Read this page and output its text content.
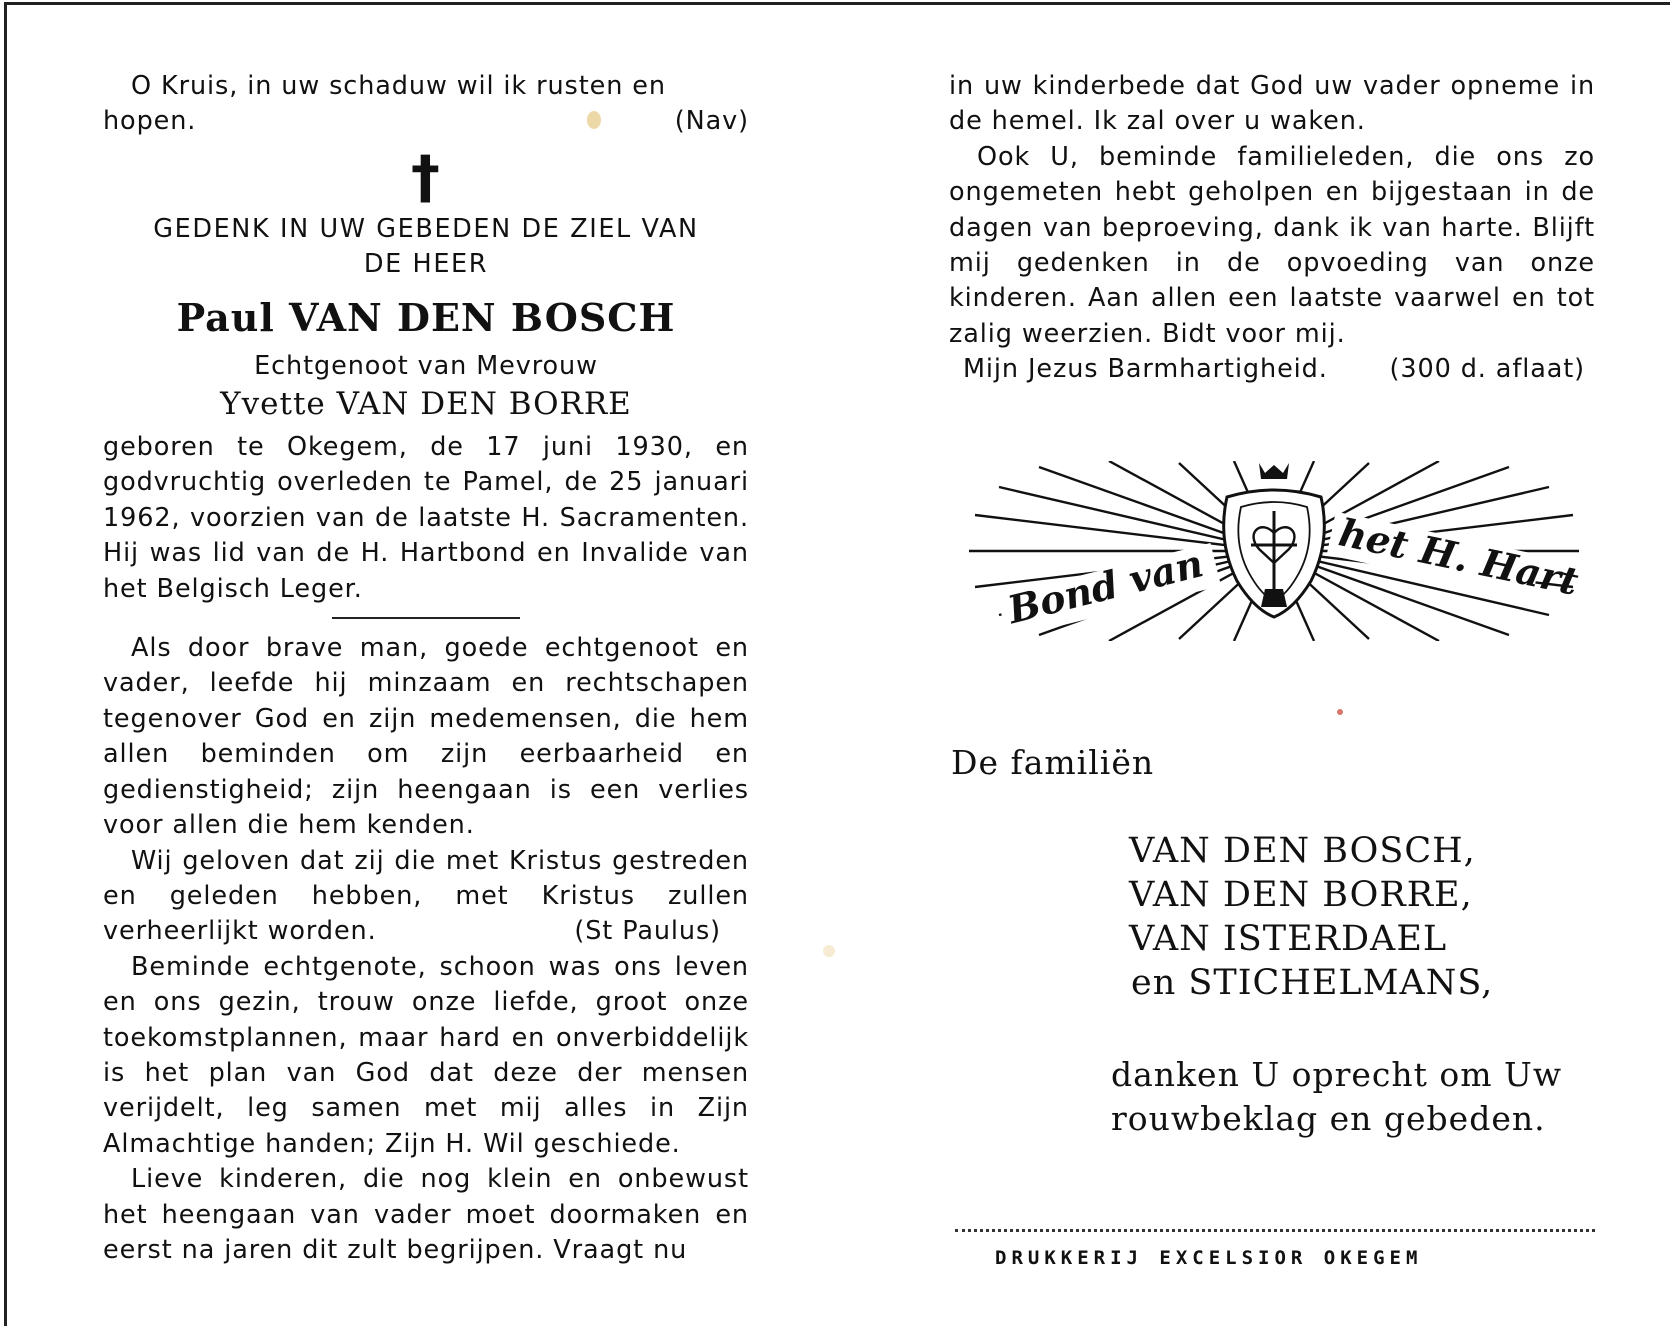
O Kruis, in uw schaduw wil ik rusten en

hopen.	(Nav)
†
GEDENK IN UW GEBEDEN DE ZIEL VAN
DE HEER
Paul VAN DEN BOSCH
Echtgenoot van Mevrouw
Yvette VAN DEN BORRE

geboren te Okegem, de 17 juni 1930, en godvruchtig overleden te Pamel, de 25 januari 1962, voorzien van de laatste H. Sacramenten. Hij was lid van de H. Hartbond en Invalide van het Belgisch Leger.

Als door brave man, goede echtgenoot en vader, leefde hij minzaam en rechtschapen tegenover God en zijn medemensen, die hem allen beminden om zijn eerbaarheid en gedienstigheid; zijn heengaan is een verlies voor allen die hem kenden.

Wij geloven dat zij die met Kristus gestreden en geleden hebben, met Kristus zullen verheerlijkt worden.	(St Paulus)

Beminde echtgenote, schoon was ons leven en ons gezin, trouw onze liefde, groot onze toekomstplannen, maar hard en onverbiddelijk is het plan van God dat deze der mensen verijdelt, leg samen met mij alles in Zijn Almachtige handen; Zijn H. Wil geschiede.

Lieve kinderen, die nog klein en onbewust het heengaan van vader moet doormaken en eerst na jaren dit zult begrijpen. Vraagt nu

in uw kinderbede dat God uw vader opneme in de hemel. Ik zal over u waken.

Ook U, beminde familieleden, die ons zo ongemeten hebt geholpen en bijgestaan in de dagen van beproeving, dank ik van harte. Blijft mij gedenken in de opvoeding van onze kinderen. Aan allen een laatste vaarwel en tot zalig weerzien. Bidt voor mij.

Mijn Jezus Barmhartigheid. (300 d. aflaat)
Bond van	het H. Hart
De familiën
VAN DEN BOSCH,
VAN DEN BORRE,
VAN ISTERDAEL
en STICHELMANS,
danken U oprecht om Uw
rouwbeklag en gebeden.
DRUKKERIJ EXCELSIOR OKEGEM
